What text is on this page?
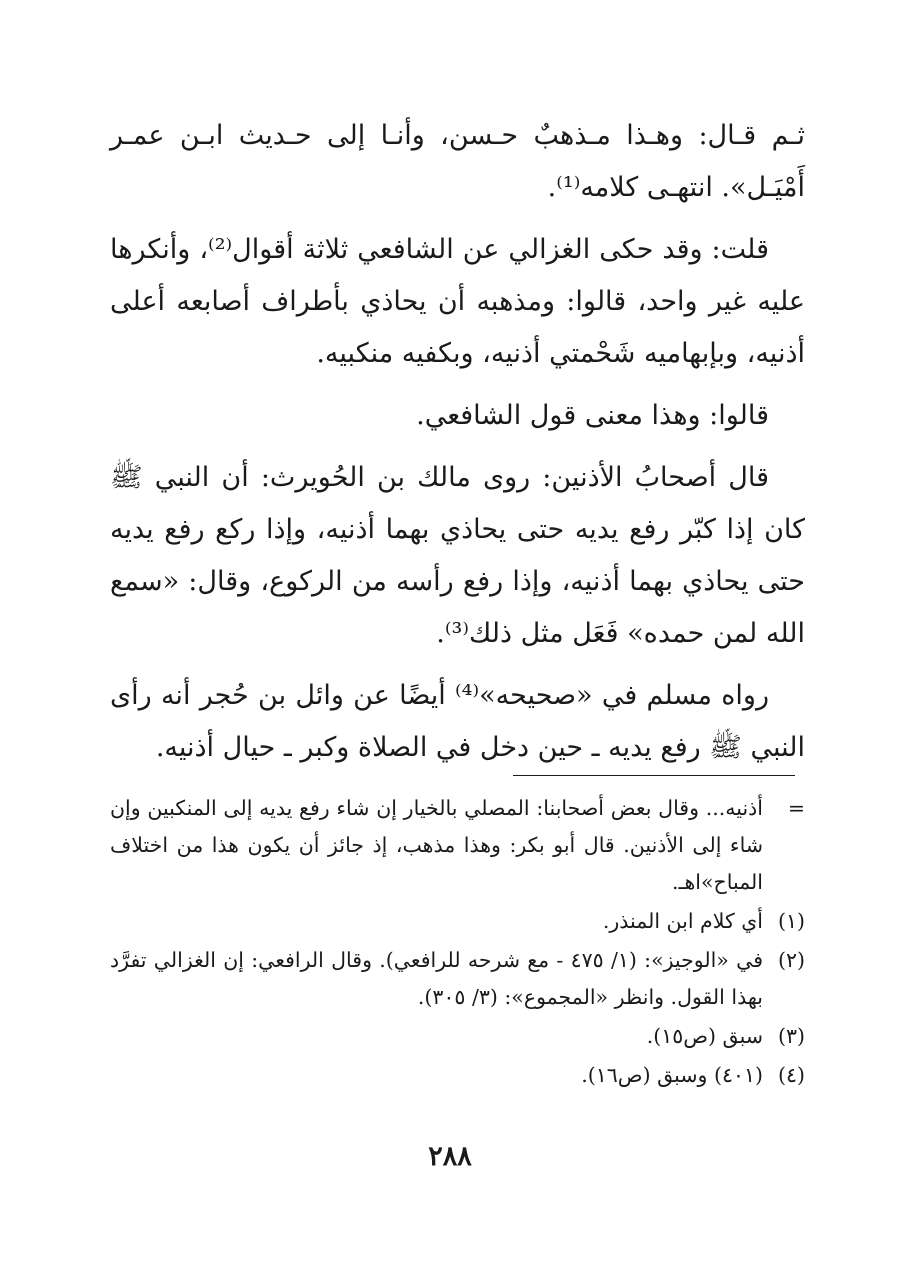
ثـم قـال: وهـذا مـذهبٌ حـسن، وأنـا إلى حـديث ابـن عمـر أَمْيَـل». انتهـى كلامه⁽¹⁾.

قلت: وقد حكى الغزالي عن الشافعي ثلاثة أقوال⁽²⁾، وأنكرها عليه غير واحد، قالوا: ومذهبه أن يحاذي بأطراف أصابعه أعلى أذنيه، وبإبهاميه شَحْمتي أذنيه، وبكفيه منكبيه.

قالوا: وهذا معنى قول الشافعي.

قال أصحابُ الأذنين: روى مالك بن الحُويرث: أن النبي ﷺ كان إذا كبّر رفع يديه حتى يحاذي بهما أذنيه، وإذا ركع رفع يديه حتى يحاذي بهما أذنيه، وإذا رفع رأسه من الركوع، وقال: «سمع الله لمن حمده» فَعَل مثل ذلك⁽³⁾.

رواه مسلم في «صحيحه»⁽⁴⁾ أيضًا عن وائل بن حُجر أنه رأى النبي ﷺ رفع يديه ـ حين دخل في الصلاة وكبر ـ حيال أذنيه.

=
أذنيه... وقال بعض أصحابنا: المصلي بالخيار إن شاء رفع يديه إلى المنكبين وإن شاء إلى الأذنين. قال أبو بكر: وهذا مذهب، إذ جائز أن يكون هذا من اختلاف المباح»اهـ.
(١)
أي كلام ابن المنذر.
(٢)
في «الوجيز»: (١/ ٤٧٥ - مع شرحه للرافعي). وقال الرافعي: إن الغزالي تفرَّد بهذا القول. وانظر «المجموع»: (٣/ ٣٠٥).
(٣)
سبق (ص١٥).
(٤)
(٤٠١) وسبق (ص١٦).
٢٨٨
